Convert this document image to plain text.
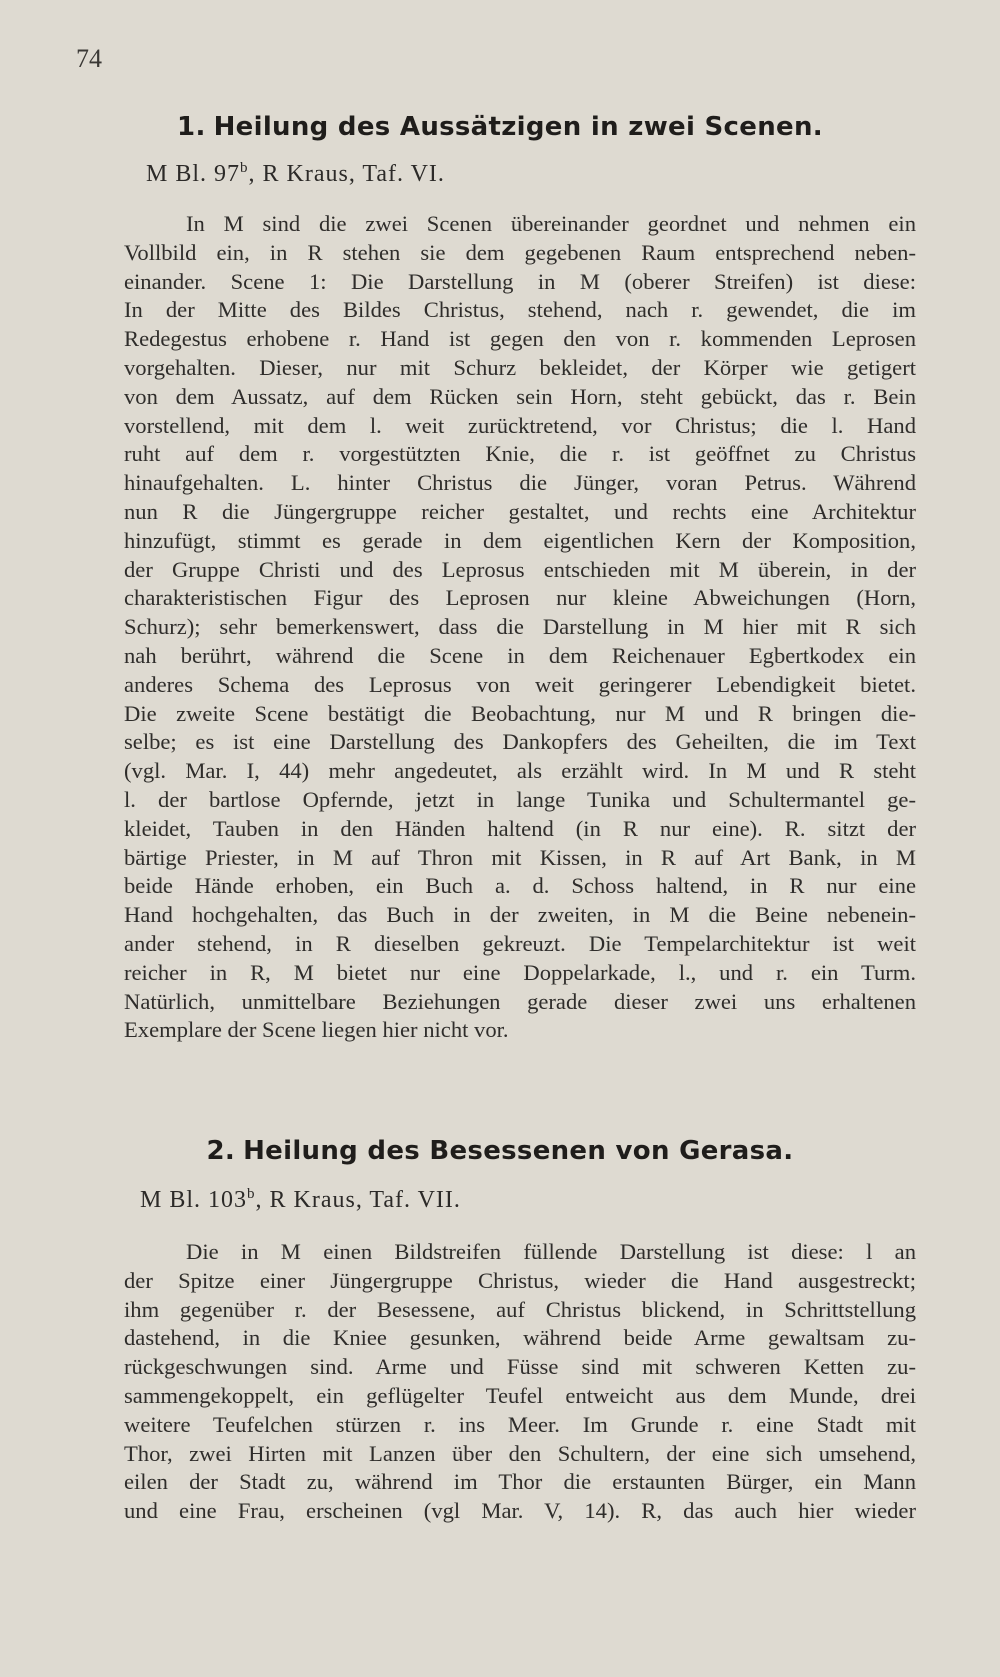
74
1. Heilung des Aussätzigen in zwei Scenen.
M Bl. 97$^b$, R Kraus, Taf. VI.
In M sind die zwei Scenen übereinander geordnet und nehmen ein
Vollbild ein, in R stehen sie dem gegebenen Raum entsprechend neben-
einander. Scene 1: Die Darstellung in M (oberer Streifen) ist diese:
In der Mitte des Bildes Christus, stehend, nach r. gewendet, die im
Redegestus erhobene r. Hand ist gegen den von r. kommenden Leprosen
vorgehalten. Dieser, nur mit Schurz bekleidet, der Körper wie getigert
von dem Aussatz, auf dem Rücken sein Horn, steht gebückt, das r. Bein
vorstellend, mit dem l. weit zurücktretend, vor Christus; die l. Hand
ruht auf dem r. vorgestützten Knie, die r. ist geöffnet zu Christus
hinaufgehalten. L. hinter Christus die Jünger, voran Petrus. Während
nun R die Jüngergruppe reicher gestaltet, und rechts eine Architektur
hinzufügt, stimmt es gerade in dem eigentlichen Kern der Komposition,
der Gruppe Christi und des Leprosus entschieden mit M überein, in der
charakteristischen Figur des Leprosen nur kleine Abweichungen (Horn,
Schurz); sehr bemerkenswert, dass die Darstellung in M hier mit R sich
nah berührt, während die Scene in dem Reichenauer Egbertkodex ein
anderes Schema des Leprosus von weit geringerer Lebendigkeit bietet.
Die zweite Scene bestätigt die Beobachtung, nur M und R bringen die-
selbe; es ist eine Darstellung des Dankopfers des Geheilten, die im Text
(vgl. Mar. I, 44) mehr angedeutet, als erzählt wird. In M und R steht
l. der bartlose Opfernde, jetzt in lange Tunika und Schultermantel ge-
kleidet, Tauben in den Händen haltend (in R nur eine). R. sitzt der
bärtige Priester, in M auf Thron mit Kissen, in R auf Art Bank, in M
beide Hände erhoben, ein Buch a. d. Schoss haltend, in R nur eine
Hand hochgehalten, das Buch in der zweiten, in M die Beine nebenein-
ander stehend, in R dieselben gekreuzt. Die Tempelarchitektur ist weit
reicher in R, M bietet nur eine Doppelarkade, l., und r. ein Turm.
Natürlich, unmittelbare Beziehungen gerade dieser zwei uns erhaltenen
Exemplare der Scene liegen hier nicht vor.
2. Heilung des Besessenen von Gerasa.
M Bl. 103$^b$, R Kraus, Taf. VII.
Die in M einen Bildstreifen füllende Darstellung ist diese: l an
der Spitze einer Jüngergruppe Christus, wieder die Hand ausgestreckt;
ihm gegenüber r. der Besessene, auf Christus blickend, in Schrittstellung
dastehend, in die Kniee gesunken, während beide Arme gewaltsam zu-
rückgeschwungen sind. Arme und Füsse sind mit schweren Ketten zu-
sammengekoppelt, ein geflügelter Teufel entweicht aus dem Munde, drei
weitere Teufelchen stürzen r. ins Meer. Im Grunde r. eine Stadt mit
Thor, zwei Hirten mit Lanzen über den Schultern, der eine sich umsehend,
eilen der Stadt zu, während im Thor die erstaunten Bürger, ein Mann
und eine Frau, erscheinen (vgl Mar. V, 14). R, das auch hier wieder
